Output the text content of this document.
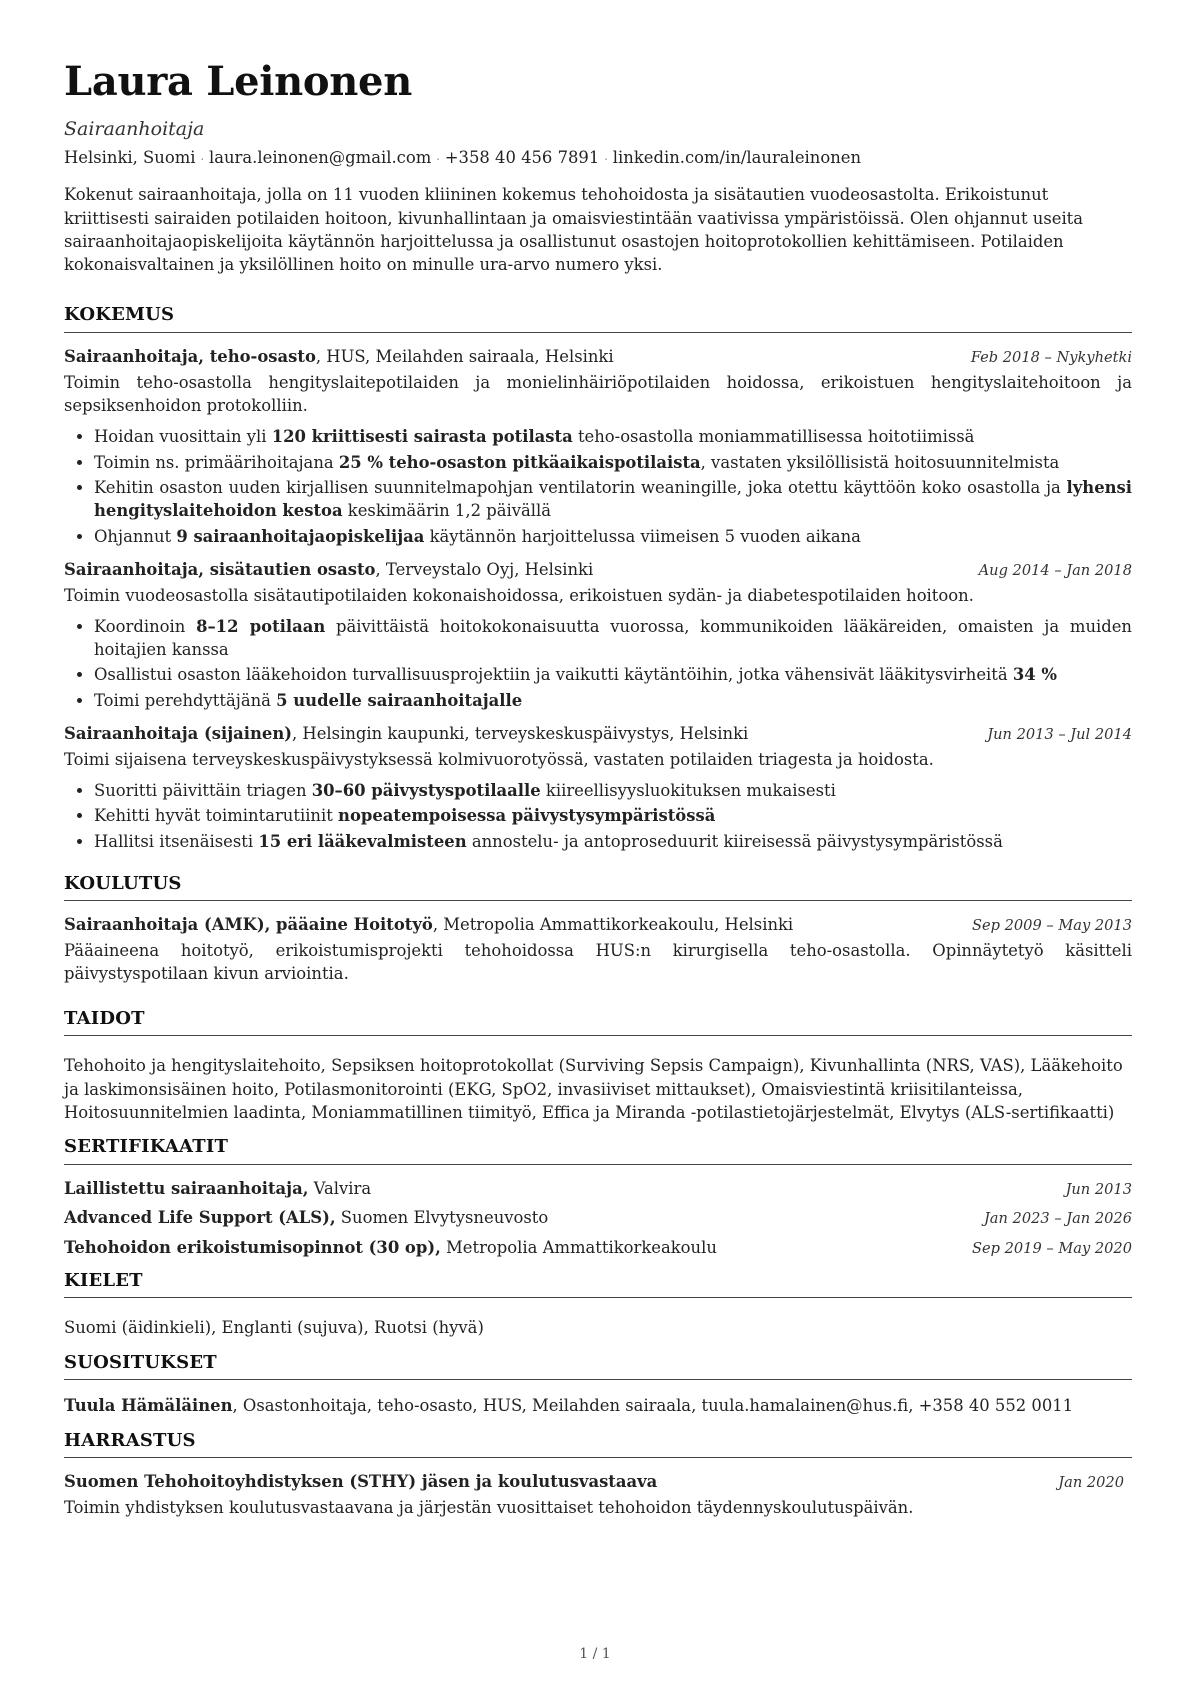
Laura Leinonen
Sairaanhoitaja
Helsinki, Suomi · laura.leinonen@gmail.com · +358 40 456 7891 · linkedin.com/in/lauraleinonen

Kokenut sairaanhoitaja, jolla on 11 vuoden kliininen kokemus tehohoidosta ja sisätautien vuodeosastolta. Erikoistunut kriittisesti sairaiden potilaiden hoitoon, kivunhallintaan ja omaisviestintään vaativissa ympäristöissä. Olen ohjannut useita sairaanhoitajaopiskelijoita käytännön harjoittelussa ja osallistunut osastojen hoitoprotokollien kehittämiseen. Potilaiden kokonaisvaltainen ja yksilöllinen hoito on minulle ura-arvo numero yksi.

KOKEMUS
Sairaanhoitaja, teho-osasto, HUS, Meilahden sairaala, Helsinki	Feb 2018 – Nykyhetki
Toimin teho-osastolla hengityslaitepotilaiden ja monielinhäiriöpotilaiden hoidossa, erikoistuen hengityslaitehoitoon ja sepsiksenhoidon protokolliin.
• Hoidan vuosittain yli 120 kriittisesti sairasta potilasta teho-osastolla moniammatillisessa hoitotiimissä
• Toimin ns. primäärihoitajana 25 % teho-osaston pitkäaikaispotilaista, vastaten yksilöllisistä hoitosuunnitelmista
• Kehitin osaston uuden kirjallisen suunnitelmapohjan ventilatorin weaningille, joka otettu käyttöön koko osastolla ja lyhensi hengityslaitehoidon kestoa keskimäärin 1,2 päivällä
• Ohjannut 9 sairaanhoitajaopiskelijaa käytännön harjoittelussa viimeisen 5 vuoden aikana
Sairaanhoitaja, sisätautien osasto, Terveystalo Oyj, Helsinki	Aug 2014 – Jan 2018
Toimin vuodeosastolla sisätautipotilaiden kokonaishoidossa, erikoistuen sydän- ja diabetespotilaiden hoitoon.
• Koordinoin 8–12 potilaan päivittäistä hoitokokonaisuutta vuorossa, kommunikoiden lääkäreiden, omaisten ja muiden hoitajien kanssa
• Osallistui osaston lääkehoidon turvallisuusprojektiin ja vaikutti käytäntöihin, jotka vähensivät lääkitysvirheitä 34 %
• Toimi perehdyttäjänä 5 uudelle sairaanhoitajalle
Sairaanhoitaja (sijainen), Helsingin kaupunki, terveyskeskuspäivystys, Helsinki	Jun 2013 – Jul 2014
Toimi sijaisena terveyskeskuspäivystyksessä kolmivuorotyössä, vastaten potilaiden triagesta ja hoidosta.
• Suoritti päivittäin triagen 30–60 päivystyspotilaalle kiireellisyysluokituksen mukaisesti
• Kehitti hyvät toimintarutiinit nopeatempoisessa päivystysympäristössä
• Hallitsi itsenäisesti 15 eri lääkevalmisteen annostelu- ja antoproseduurit kiireisessä päivystysympäristössä
KOULUTUS
Sairaanhoitaja (AMK), pääaine Hoitotyö, Metropolia Ammattikorkeakoulu, Helsinki	Sep 2009 – May 2013
Pääaineena hoitotyö, erikoistumisprojekti tehohoidossa HUS:n kirurgisella teho-osastolla. Opinnäytetyö käsitteli päivystyspotilaan kivun arviointia.
TAIDOT

Tehohoito ja hengityslaitehoito, Sepsiksen hoitoprotokollat (Surviving Sepsis Campaign), Kivunhallinta (NRS, VAS), Lääkehoito ja laskimonsisäinen hoito, Potilasmonitorointi (EKG, SpO2, invasiiviset mittaukset), Omaisviestintä kriisitilanteissa, Hoitosuunnitelmien laadinta, Moniammatillinen tiimityö, Effica ja Miranda -potilastietojärjestelmät, Elvytys (ALS-sertifikaatti)

SERTIFIKAATIT
Laillistettu sairaanhoitaja, Valvira	Jun 2013
Advanced Life Support (ALS), Suomen Elvytysneuvosto	Jan 2023 – Jan 2026
Tehohoidon erikoistumisopinnot (30 op), Metropolia Ammattikorkeakoulu	Sep 2019 – May 2020
KIELET

Suomi (äidinkieli), Englanti (sujuva), Ruotsi (hyvä)

SUOSITUKSET

Tuula Hämäläinen, Osastonhoitaja, teho-osasto, HUS, Meilahden sairaala, tuula.hamalainen@hus.fi, +358 40 552 0011

HARRASTUS
Suomen Tehohoitoyhdistyksen (STHY) jäsen ja koulutusvastaava	Jan 2020
Toimin yhdistyksen koulutusvastaavana ja järjestän vuosittaiset tehohoidon täydennyskoulutuspäivän.
1 / 1
